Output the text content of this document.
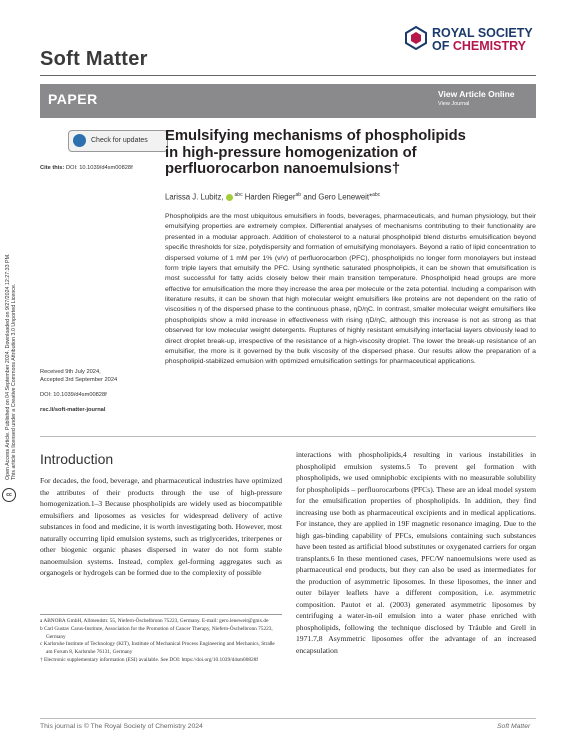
Soft Matter
ROYAL SOCIETY
OF CHEMISTRY
PAPER	View Article Online
View Journal
Open Access Article. Published on 04 September 2024. Downloaded on 9/27/2024 12:27:33 PM. This article is licensed under a Creative Commons Attribution 3.0 Unported Licence.
cc
Check for updates
Cite this: DOI: 10.1039/d4sm00828f
Received 9th July 2024,
Accepted 3rd September 2024
DOI: 10.1039/d4sm00828f
rsc.li/soft-matter-journal
Emulsifying mechanisms of phospholipids in high-pressure homogenization of perfluorocarbon nanoemulsions†
Larissa J. Lubitz, $^{abc}$ Harden Rieger$^{ab}$ and Gero Leneweit*$^{abc}$

Phospholipids are the most ubiquitous emulsifiers in foods, beverages, pharmaceuticals, and human physiology, but their emulsifying properties are extremely complex. Differential analyses of mechanisms contributing to their functionality are presented in a modular approach. Addition of cholesterol to a natural phospholipid blend disturbs emulsification beyond specific thresholds for size, polydispersity and formation of emulsifying monolayers. Beyond a ratio of lipid concentration to dispersed volume of 1 mM per 1% (v/v) of perfluorocarbon (PFC), phospholipids no longer form monolayers but instead form triple layers that emulsify the PFC. Using synthetic saturated phospholipids, it can be shown that emulsification is most successful for fatty acids closely below their main transition temperature. Phospholipid head groups are more effective for emulsification the more they increase the area per molecule or the zeta potential. Including a comparison with literature results, it can be shown that high molecular weight emulsifiers like proteins are not dependent on the ratio of viscosities η of the dispersed phase to the continuous phase, ηD/ηC. In contrast, smaller molecular weight emulsifiers like phospholipids show a mild increase in effectiveness with rising ηD/ηC, although this increase is not as strong as that observed for low molecular weight detergents. Ruptures of highly resistant emulsifying interfacial layers obviously lead to direct droplet break-up, irrespective of the resistance of a high-viscosity droplet. The lower the break-up resistance of an emulsifier, the more is it governed by the bulk viscosity of the dispersed phase. Our results allow the preparation of a phospholipid-stabilized emulsion with optimized emulsification settings for pharmaceutical applications.

Introduction

For decades, the food, beverage, and pharmaceutical industries have optimized the attributes of their products through the use of high-pressure homogenization.1–3 Because phospholipids are widely used as biocompatible emulsifiers and liposomes as vesicles for widespread delivery of active substances in food and medicine, it is worth investigating both. However, most naturally occurring lipid emulsion systems, such as triglycerides, triterpenes or other biogenic organic phases dispersed in water do not form stable nanoemulsion systems. Instead, complex gel-forming aggregates such as organogels or hydrogels can be formed due to the complexity of possible

interactions with phospholipids,4 resulting in various instabilities in phospholipid emulsion systems.5 To prevent gel formation with phospholipids, we used omniphobic excipients with no measurable solubility for phospholipids – perfluorocarbons (PFCs). These are an ideal model system for the emulsification properties of phospholipids. In addition, they find increasing use both as pharmaceutical excipients and in medical applications. For instance, they are applied in 19F magnetic resonance imaging. Due to the high gas-binding capability of PFCs, emulsions containing such substances have been tested as artificial blood substitutes or oxygenated carriers for organ transplants.6 In these mentioned cases, PFC/W nanoemulsions were used as pharmaceutical end products, but they can also be used as intermediates for the production of asymmetric liposomes. In these liposomes, the inner and outer bilayer leaflets have a different composition, i.e. asymmetric composition. Pautot et al. (2003) generated asymmetric liposomes by centrifuging a water-in-oil emulsion into a water phase enriched with phospholipids, following the technique disclosed by Träuble and Grell in 1971.7,8 Asymmetric liposomes offer the advantage of an increased encapsulation

a ABNOBA GmbH, Allmendstr. 55, Niefern-Öschelbronn 75223, Germany. E-mail: gero.leneweit@gmx.de

b Carl Gustav Carus-Institute, Association for the Promotion of Cancer Therapy, Niefern-Öschelbronn 75223, Germany

c Karlsruhe Institute of Technology (KIT), Institute of Mechanical Process Engineering and Mechanics, Straße am Forum 8, Karlsruhe 76131, Germany

† Electronic supplementary information (ESI) available. See DOI: https://doi.org/10.1039/d4sm00828f

This journal is © The Royal Society of Chemistry 2024	Soft Matter
